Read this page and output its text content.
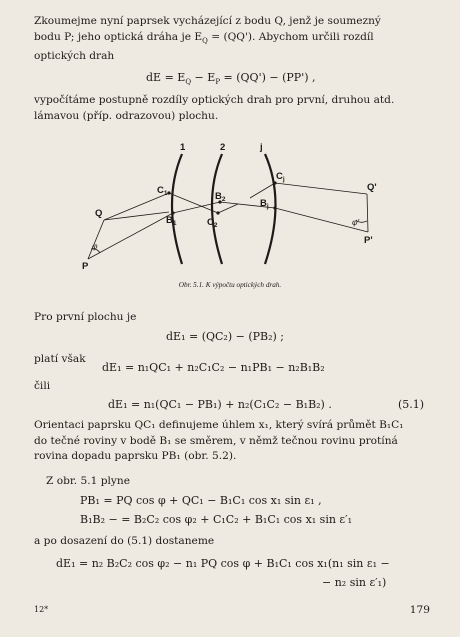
Zkoumejme nyní paprsek vycházející z bodu Q, jenž je soumezný

bodu P; jeho optická dráha je $E_Q = (QQ')$. Abychom určili rozdíl

optických drah

dE = $E_Q - E_P = (QQ') - (PP')$ ,

vypočítáme postupně rozdíly optických drah pro první, druhou atd.

lámavou (příp. odrazovou) plochu.

1	2	j
Q
P
Q'
P'
$C_1$
$B_1$
$B_2$
$C_2$
$C_j$
$B_j$
φ
φ'
Obr. 5.1. K výpočtu optických drah.

Pro první plochu je

dE₁ = (QC₂) − (PB₂) ;

platí však

dE₁ = n₁QC₁ + n₂C₁C₂ − n₁PB₁ − n₂B₁B₂

čili

dE₁ = n₁(QC₁ − PB₁) + n₂(C₁C₂ − B₁B₂) .	(5.1)

Orientaci paprsku QC₁ definujeme úhlem x₁, který svírá průmět B₁C₁

do tečné roviny v bodě B₁ se směrem, v němž tečnou rovinu protíná

rovina dopadu paprsku PB₁ (obr. 5.2).

Z obr. 5.1 plyne

PB₁ = PQ cos φ + QC₁ − B₁C₁ cos x₁ sin ε₁ ,
B₁B₂ − = B₂C₂ cos φ₂ + C₁C₂ + B₁C₁ cos x₁ sin ε′₁

a po dosazení do (5.1) dostaneme

dE₁ = n₂ B₂C₂ cos φ₂ − n₁ PQ cos φ + B₁C₁ cos x₁(n₁ sin ε₁ −
− n₂ sin ε′₁)
12*	179
